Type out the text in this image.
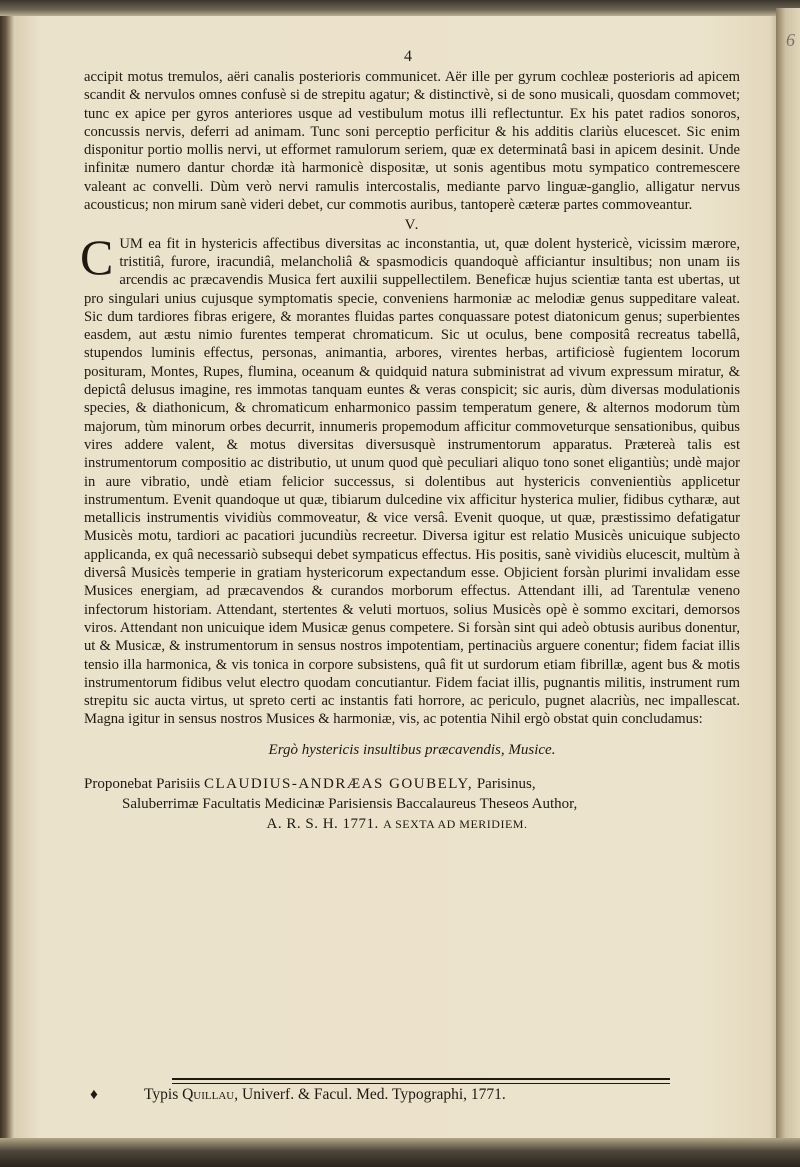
6
4

accipit motus tremulos, aëri canalis posterioris communicet. Aër ille per gyrum cochleæ posterioris ad apicem scandit & nervulos omnes confusè si de strepitu agatur; & distinctivè, si de sono musicali, quosdam commovet; tunc ex apice per gyros anteriores usque ad vestibulum motus illi reflectuntur. Ex his patet radios sonoros, concussis nervis, deferri ad animam. Tunc soni perceptio perficitur & his additis clariùs elucescet. Sic enim disponitur portio mollis nervi, ut efformet ramulorum seriem, quæ ex determinatâ basi in apicem desinit. Unde infinitæ numero dantur chordæ ità harmonicè dispositæ, ut sonis agentibus motu sympatico contremescere valeant ac convelli. Dùm verò nervi ramulis intercostalis, mediante parvo linguæ-ganglio, alligatur nervus acousticus; non mirum sanè videri debet, cur commotis auribus, tantoperè cæteræ partes commoveantur.

V.

CUM ea fit in hystericis affectibus diversitas ac inconstantia, ut, quæ dolent hystericè, vicissim mærore, tristitiâ, furore, iracundiâ, melancholiâ & spasmodicis quandoquè afficiantur insultibus; non unam iis arcendis ac præcavendis Musica fert auxilii suppellectilem. Beneficæ hujus scientiæ tanta est ubertas, ut pro singulari unius cujusque symptomatis specie, conveniens harmoniæ ac melodiæ genus suppeditare valeat. Sic dum tardiores fibras erigere, & morantes fluidas partes conquassare potest diatonicum genus; superbientes easdem, aut æstu nimio furentes temperat chromaticum. Sic ut oculus, bene compositâ recreatus tabellâ, stupendos luminis effectus, personas, animantia, arbores, virentes herbas, artificiosè fugientem locorum posituram, Montes, Rupes, flumina, oceanum & quidquid natura subministrat ad vivum expressum miratur, & depictâ delusus imagine, res immotas tanquam euntes & veras conspicit; sic auris, dùm diversas modulationis species, & diathonicum, & chromaticum enharmonico passim temperatum genere, & alternos modorum tùm majorum, tùm minorum orbes decurrit, innumeris propemodum afficitur commoveturque sensationibus, quibus vires addere valent, & motus diversitas diversusquè instrumentorum apparatus. Prætereà talis est instrumentorum compositio ac distributio, ut unum quod què peculiari aliquo tono sonet eligantiùs; undè major in aure vibratio, undè etiam felicior successus, si dolentibus aut hystericis convenientiùs applicetur instrumentum. Evenit quandoque ut quæ, tibiarum dulcedine vix afficitur hysterica mulier, fidibus cytharæ, aut metallicis instrumentis vividiùs commoveatur, & vice versâ. Evenit quoque, ut quæ, præstissimo defatigatur Musicès motu, tardiori ac pacatiori jucundiùs recreetur. Diversa igitur est relatio Musicès unicuique subjecto applicanda, ex quâ necessariò subsequi debet sympaticus effectus. His positis, sanè vividiùs elucescit, multùm à diversâ Musicès temperie in gratiam hystericorum expectandum esse. Objicient forsàn plurimi invalidam esse Musices energiam, ad præcavendos & curandos morborum effectus. Attendant illi, ad Tarentulæ veneno infectorum historiam. Attendant, stertentes & veluti mortuos, solius Musicès opè è sommo excitari, demorsos viros. Attendant non unicuique idem Musicæ genus competere. Si forsàn sint qui adeò obtusis auribus donentur, ut & Musicæ, & instrumentorum in sensus nostros impotentiam, pertinaciùs arguere conentur; fidem faciat illis tensio illa harmonica, & vis tonica in corpore subsistens, quâ fit ut surdorum etiam fibrillæ, agent bus & motis instrumentorum fidibus velut electro quodam concutiantur. Fidem faciat illis, pugnantis militis, instrument rum strepitu sic aucta virtus, ut spreto certi ac instantis fati horrore, ac periculo, pugnet alacriùs, nec impallescat. Magna igitur in sensus nostros Musices & harmoniæ, vis, ac potentia Nihil ergò obstat quin concludamus:

Ergò hystericis insultibus præcavendis, Musice.

Proponebat Parisiis CLAUDIUS-ANDRÆAS GOUBELY, Parisinus,
Saluberrimæ Facultatis Medicinæ Parisiensis Baccalaureus Theseos Author,
A. R. S. H. 1771. A SEXTA AD MERIDIEM.
♦	Typis Quillau, Univerf. & Facul. Med. Typographi, 1771.
